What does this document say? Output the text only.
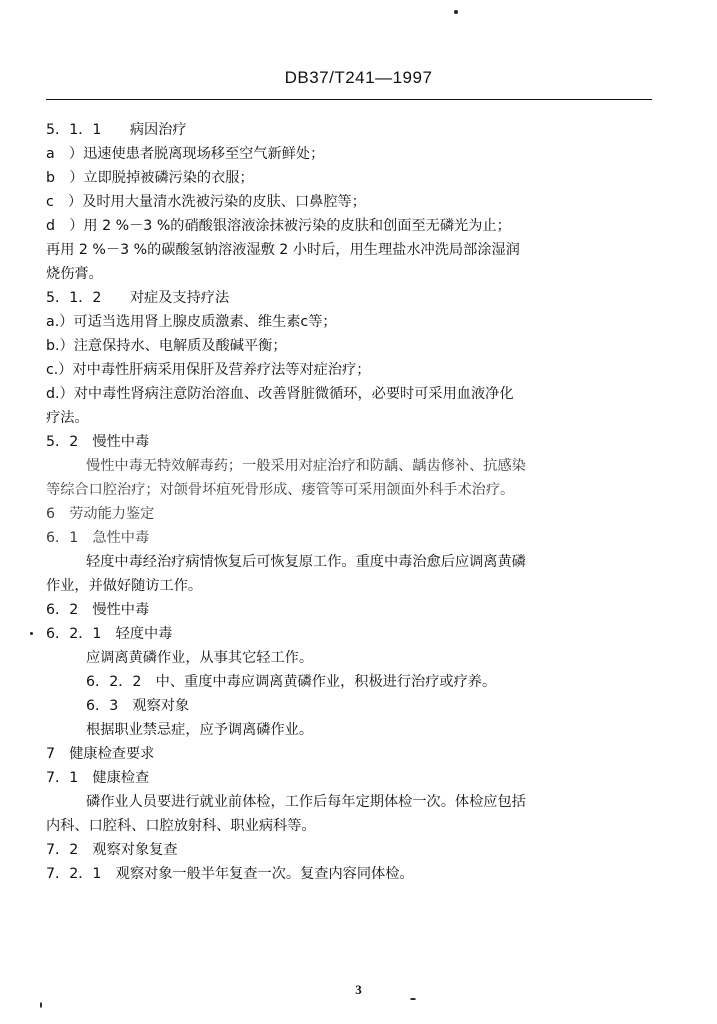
DB37/T241—1997
5．1．1　　病因治疗
a　）迅速使患者脱离现场移至空气新鲜处；
b　）立即脱掉被磷污染的衣服；
c　）及时用大量清水洗被污染的皮肤、口鼻腔等；
d　）用 2 %－3 %的硝酸银溶液涂抹被污染的皮肤和创面至无磷光为止；
再用 2 %－3 %的碳酸氢钠溶液湿敷 2 小时后，用生理盐水冲洗局部涂湿润
烧伤膏。
5．1．2　　对症及支持疗法
a.）可适当选用肾上腺皮质激素、维生素c等；
b.）注意保持水、电解质及酸碱平衡；
c.）对中毒性肝病采用保肝及营养疗法等对症治疗；
d.）对中毒性肾病注意防治溶血、改善肾脏微循环，必要时可采用血液净化
疗法。
5．2　慢性中毒
慢性中毒无特效解毒药；一般采用对症治疗和防龋、龋齿修补、抗感染
等综合口腔治疗；对颌骨坏疽死骨形成、瘘管等可采用颌面外科手术治疗。
6　劳动能力鉴定
6．1　急性中毒
轻度中毒经治疗病情恢复后可恢复原工作。重度中毒治愈后应调离黄磷
作业，并做好随访工作。
6．2　慢性中毒
6．2．1　轻度中毒
应调离黄磷作业，从事其它轻工作。
6．2．2　中、重度中毒应调离黄磷作业，积极进行治疗或疗养。
6．3　观察对象
根据职业禁忌症，应予调离磷作业。
7　健康检查要求
7．1　健康检查
磷作业人员要进行就业前体检，工作后每年定期体检一次。体检应包括
内科、口腔科、口腔放射科、职业病科等。
7．2　观察对象复查
7．2．1　观察对象一般半年复查一次。复查内容同体检。
3
